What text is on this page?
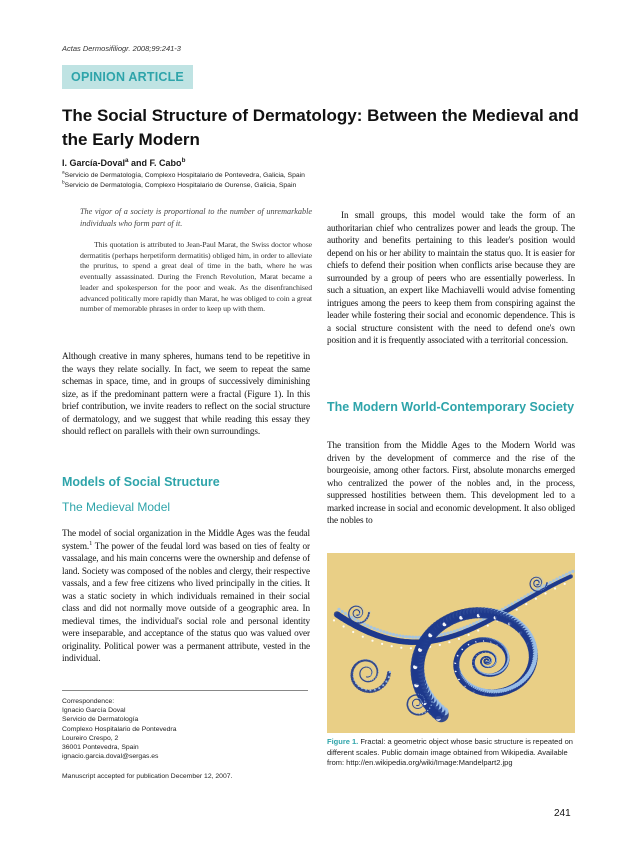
Actas Dermosifiliogr. 2008;99:241-3
OPINION ARTICLE
The Social Structure of Dermatology: Between the Medieval and the Early Modern
I. García-Doval$^a$ and F. Cabo$^b$
$^a$Servicio de Dermatología, Complexo Hospitalario de Pontevedra, Galicia, Spain
$^b$Servicio de Dermatología, Complexo Hospitalario de Ourense, Galicia, Spain
The vigor of a society is proportional to the number of unremarkable individuals who form part of it.
This quotation is attributed to Jean-Paul Marat, the Swiss doctor whose dermatitis (perhaps herpetiform dermatitis) obliged him, in order to alleviate the pruritus, to spend a great deal of time in the bath, where he was eventually assassinated. During the French Revolution, Marat became a leader and spokesperson for the poor and weak. As the disenfranchised advanced politically more rapidly than Marat, he was obliged to coin a great number of memorable phrases in order to keep up with them.
Although creative in many spheres, humans tend to be repetitive in the ways they relate socially. In fact, we seem to repeat the same schemas in space, time, and in groups of successively diminishing size, as if the predominant pattern were a fractal (Figure 1). In this brief contribution, we invite readers to reflect on the social structure of dermatology, and we suggest that while reading this essay they should reflect on parallels with their own surroundings.
Models of Social Structure
The Medieval Model
The model of social organization in the Middle Ages was the feudal system.$^1$ The power of the feudal lord was based on ties of fealty or vassalage, and his main concerns were the ownership and defense of land. Society was composed of the nobles and clergy, their respective vassals, and a few free citizens who lived principally in the cities. It was a static society in which individuals remained in their social class and did not normally move outside of a geographic area. In medieval times, the individual's social role and personal identity were inseparable, and acceptance of the status quo was valued over originality. Political power was a permanent attribute, vested in the individual.
Correspondence:
Ignacio García Doval
Servicio de Dermatología
Complexo Hospitalario de Pontevedra
Loureiro Crespo, 2
36001 Pontevedra, Spain
ignacio.garcia.doval@sergas.es
Manuscript accepted for publication December 12, 2007.
In small groups, this model would take the form of an authoritarian chief who centralizes power and leads the group. The authority and benefits pertaining to this leader's position would depend on his or her ability to maintain the status quo. It is easier for chiefs to defend their position when conflicts arise because they are surrounded by a group of peers who are essentially powerless. In such a situation, an expert like Machiavelli would advise fomenting intrigues among the peers to keep them from conspiring against the leader while fostering their social and economic dependence. This is a social structure consistent with the need to defend one's own position and it is frequently associated with a territorial concession.
The Modern World-Contemporary Society
The transition from the Middle Ages to the Modern World was driven by the development of commerce and the rise of the bourgeoisie, among other factors. First, absolute monarchs emerged who centralized the power of the nobles and, in the process, suppressed hostilities between them. This development led to a marked increase in social and economic development. It also obliged the nobles to
Figure 1. Fractal: a geometric object whose basic structure is repeated on different scales. Public domain image obtained from Wikipedia. Available from: http://en.wikipedia.org/wiki/Image:Mandelpart2.jpg
241
